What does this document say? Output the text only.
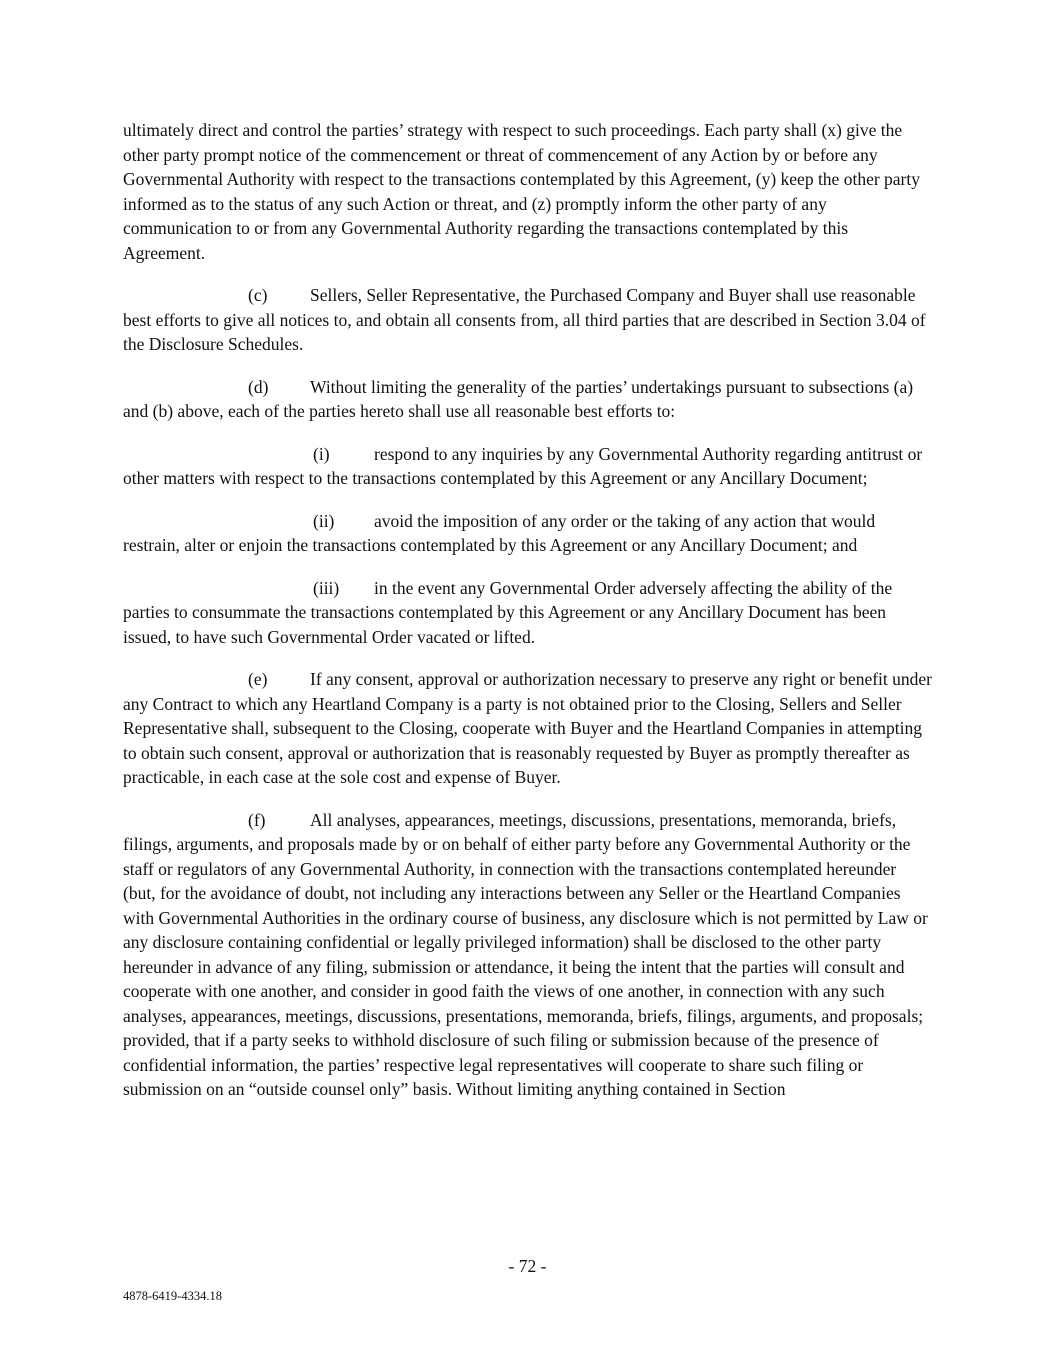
ultimately direct and control the parties’ strategy with respect to such proceedings. Each party shall (x) give the other party prompt notice of the commencement or threat of commencement of any Action by or before any Governmental Authority with respect to the transactions contemplated by this Agreement, (y) keep the other party informed as to the status of any such Action or threat, and (z) promptly inform the other party of any communication to or from any Governmental Authority regarding the transactions contemplated by this Agreement.

(c) Sellers, Seller Representative, the Purchased Company and Buyer shall use reasonable best efforts to give all notices to, and obtain all consents from, all third parties that are described in Section 3.04 of the Disclosure Schedules.

(d) Without limiting the generality of the parties’ undertakings pursuant to subsections (a) and (b) above, each of the parties hereto shall use all reasonable best efforts to:

(i)	respond to any inquiries by any Governmental Authority regarding antitrust or other matters with respect to the transactions contemplated by this Agreement or any Ancillary Document;

(ii) avoid the imposition of any order or the taking of any action that would restrain, alter or enjoin the transactions contemplated by this Agreement or any Ancillary Document; and

(iii) in the event any Governmental Order adversely affecting the ability of the parties to consummate the transactions contemplated by this Agreement or any Ancillary Document has been issued, to have such Governmental Order vacated or lifted.

(e) If any consent, approval or authorization necessary to preserve any right or benefit under any Contract to which any Heartland Company is a party is not obtained prior to the Closing, Sellers and Seller Representative shall, subsequent to the Closing, cooperate with Buyer and the Heartland Companies in attempting to obtain such consent, approval or authorization that is reasonably requested by Buyer as promptly thereafter as practicable, in each case at the sole cost and expense of Buyer.

(f)	All analyses, appearances, meetings, discussions, presentations, memoranda, briefs, filings, arguments, and proposals made by or on behalf of either party before any Governmental Authority or the staff or regulators of any Governmental Authority, in connection with the transactions contemplated hereunder (but, for the avoidance of doubt, not including any interactions between any Seller or the Heartland Companies with Governmental Authorities in the ordinary course of business, any disclosure which is not permitted by Law or any disclosure containing confidential or legally privileged information) shall be disclosed to the other party hereunder in advance of any filing, submission or attendance, it being the intent that the parties will consult and cooperate with one another, and consider in good faith the views of one another, in connection with any such analyses, appearances, meetings, discussions, presentations, memoranda, briefs, filings, arguments, and proposals; provided, that if a party seeks to withhold disclosure of such filing or submission because of the presence of confidential information, the parties’ respective legal representatives will cooperate to share such filing or submission on an “outside counsel only” basis. Without limiting anything contained in Section

- 72 -
4878-6419-4334.18
